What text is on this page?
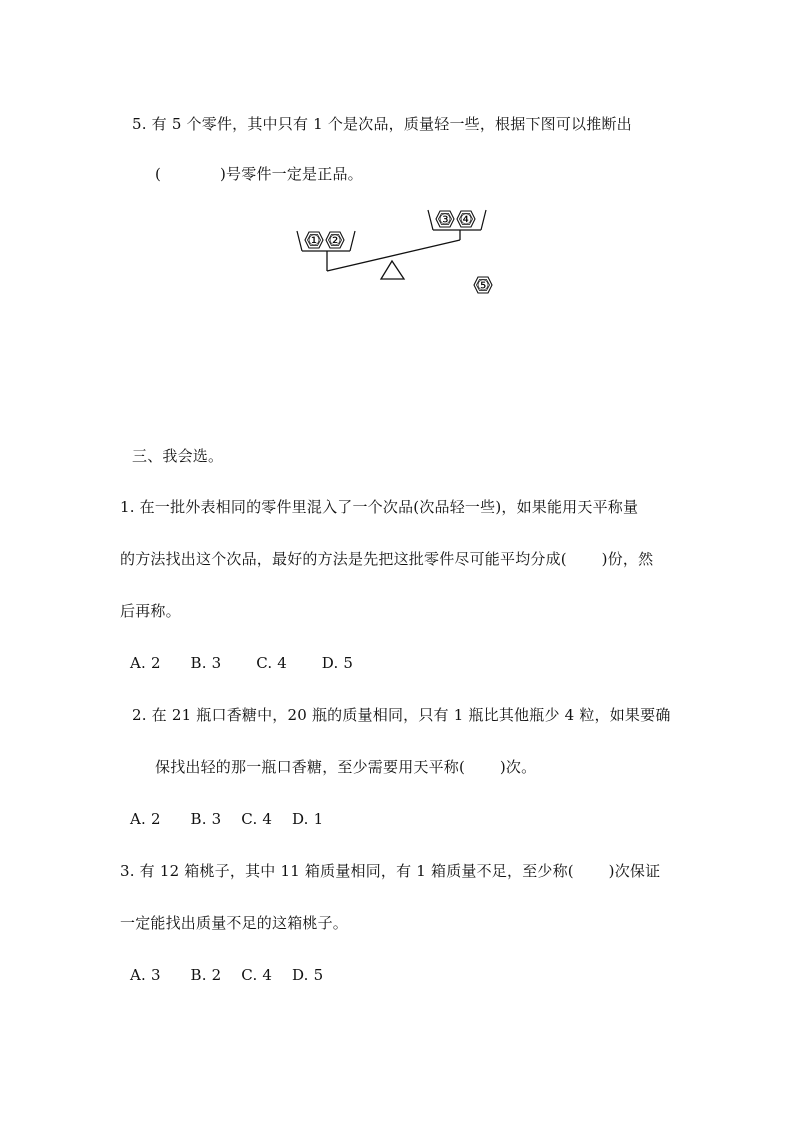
5. 有 5 个零件，其中只有 1 个是次品，质量轻一些，根据下图可以推断出
(	)号零件一定是正品。
① ②
③ ④
⑤
三、我会选。
1. 在一批外表相同的零件里混入了一个次品(次品轻一些)，如果能用天平称量
的方法找出这个次品，最好的方法是先把这批零件尽可能平均分成(       )份，然
后再称。
A. 2      B. 3       C. 4       D. 5
2. 在 21 瓶口香糖中，20 瓶的质量相同，只有 1 瓶比其他瓶少 4 粒，如果要确
保找出轻的那一瓶口香糖，至少需要用天平称(       )次。
A. 2      B. 3    C. 4    D. 1
3. 有 12 箱桃子，其中 11 箱质量相同，有 1 箱质量不足，至少称(       )次保证
一定能找出质量不足的这箱桃子。
A. 3      B. 2    C. 4    D. 5
